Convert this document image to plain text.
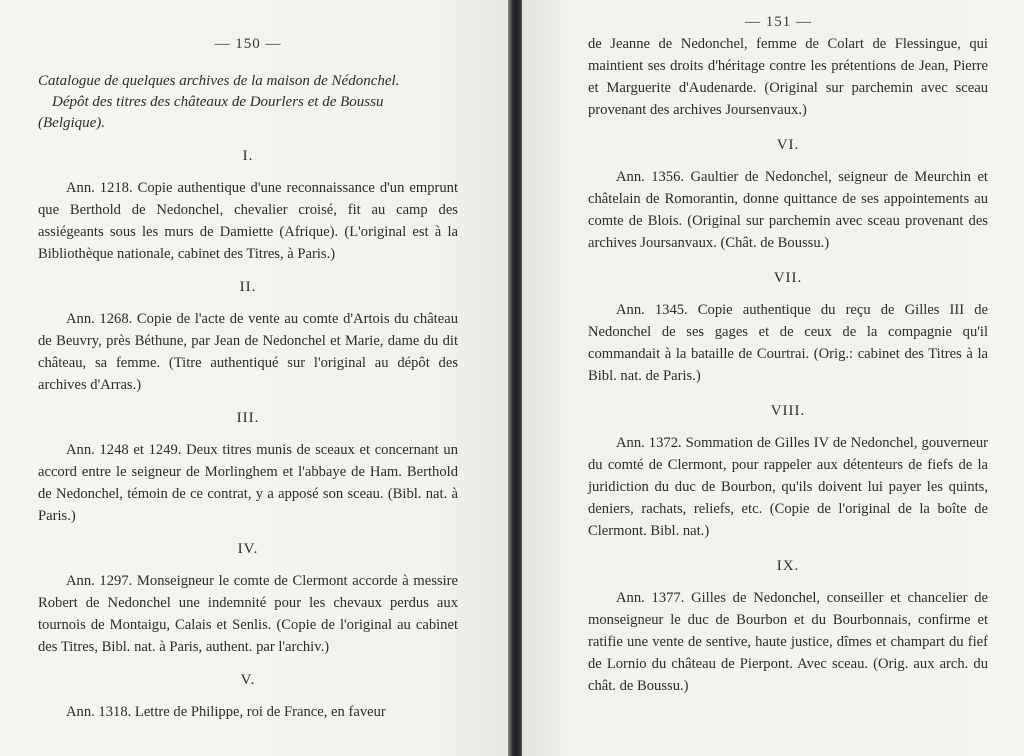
— 150 —
Catalogue de quelques archives de la maison de Nédonchel.
Dépôt des titres des châteaux de Dourlers et de Boussu
(Belgique).
I.

Ann. 1218. Copie authentique d'une reconnaissance d'un emprunt que Berthold de Nedonchel, chevalier croisé, fit au camp des assiégeants sous les murs de Damiette (Afrique). (L'original est à la Bibliothèque nationale, cabinet des Titres, à Paris.)

II.

Ann. 1268. Copie de l'acte de vente au comte d'Artois du château de Beuvry, près Béthune, par Jean de Nedonchel et Marie, dame du dit château, sa femme. (Titre authentiqué sur l'original au dépôt des archives d'Arras.)

III.

Ann. 1248 et 1249. Deux titres munis de sceaux et concernant un accord entre le seigneur de Morlinghem et l'abbaye de Ham. Berthold de Nedonchel, témoin de ce contrat, y a apposé son sceau. (Bibl. nat. à Paris.)

IV.

Ann. 1297. Monseigneur le comte de Clermont accorde à messire Robert de Nedonchel une indemnité pour les chevaux perdus aux tournois de Montaigu, Calais et Senlis. (Copie de l'original au cabinet des Titres, Bibl. nat. à Paris, authent. par l'archiv.)

V.

Ann. 1318. Lettre de Philippe, roi de France, en faveur

— 151 —

de Jeanne de Nedonchel, femme de Colart de Flessingue, qui maintient ses droits d'héritage contre les prétentions de Jean, Pierre et Marguerite d'Audenarde. (Original sur parchemin avec sceau provenant des archives Joursenvaux.)

VI.

Ann. 1356. Gaultier de Nedonchel, seigneur de Meurchin et châtelain de Romorantin, donne quittance de ses appointements au comte de Blois. (Original sur parchemin avec sceau provenant des archives Joursanvaux. (Chât. de Boussu.)

VII.

Ann. 1345. Copie authentique du reçu de Gilles III de Nedonchel de ses gages et de ceux de la compagnie qu'il commandait à la bataille de Courtrai. (Orig.: cabinet des Titres à la Bibl. nat. de Paris.)

VIII.

Ann. 1372. Sommation de Gilles IV de Nedonchel, gouverneur du comté de Clermont, pour rappeler aux détenteurs de fiefs de la juridiction du duc de Bourbon, qu'ils doivent lui payer les quints, deniers, rachats, reliefs, etc. (Copie de l'original de la boîte de Clermont. Bibl. nat.)

IX.

Ann. 1377. Gilles de Nedonchel, conseiller et chancelier de monseigneur le duc de Bourbon et du Bourbonnais, confirme et ratifie une vente de sentive, haute justice, dîmes et champart du fief de Lornio du château de Pierpont. Avec sceau. (Orig. aux arch. du chât. de Boussu.)
